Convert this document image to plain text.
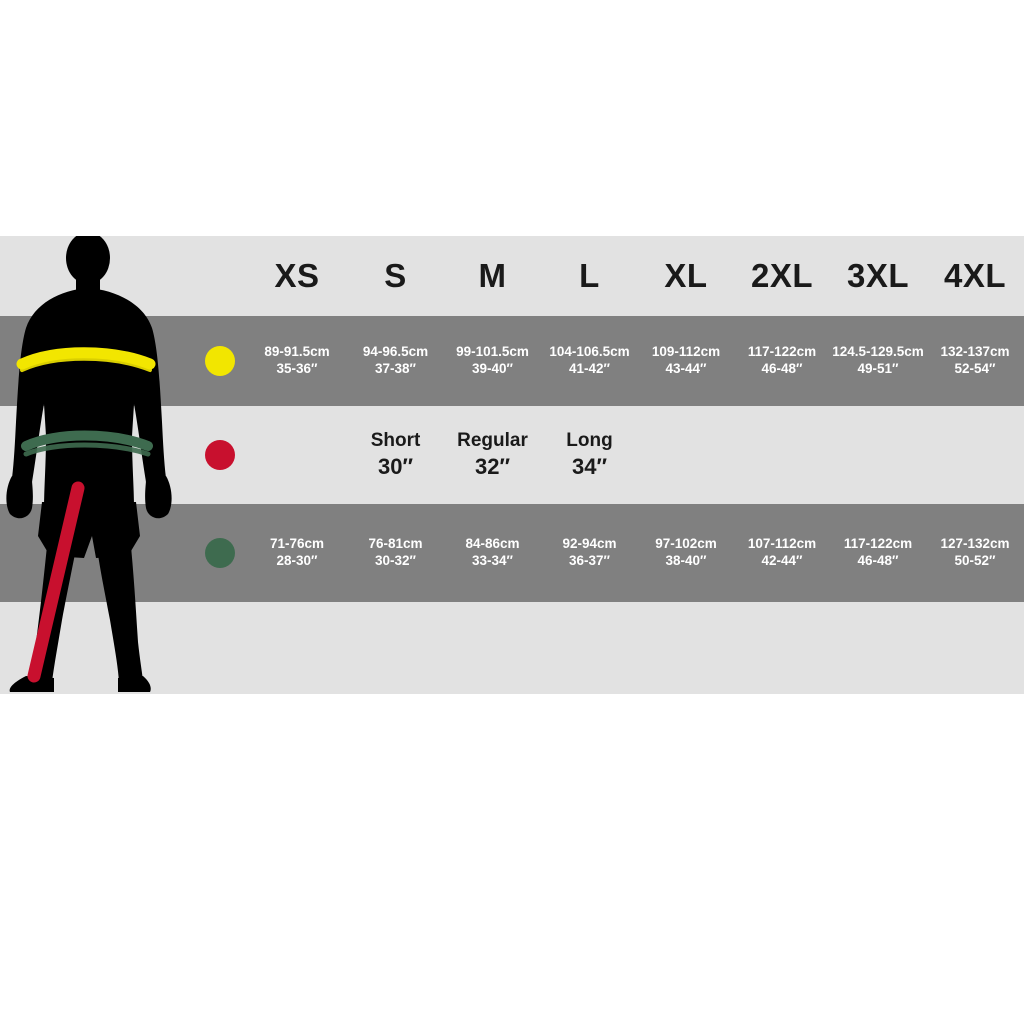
XS S M L XL 2XL 3XL 4XL
89-91.5cm
35-36″
94-96.5cm
37-38″
99-101.5cm
39-40″
104-106.5cm
41-42″
109-112cm
43-44″
117-122cm
46-48″
124.5-129.5cm
49-51″
132-137cm
52-54″
Short
30″
Regular
32″
Long
34″
71-76cm
28-30″
76-81cm
30-32″
84-86cm
33-34″
92-94cm
36-37″
97-102cm
38-40″
107-112cm
42-44″
117-122cm
46-48″
127-132cm
50-52″
